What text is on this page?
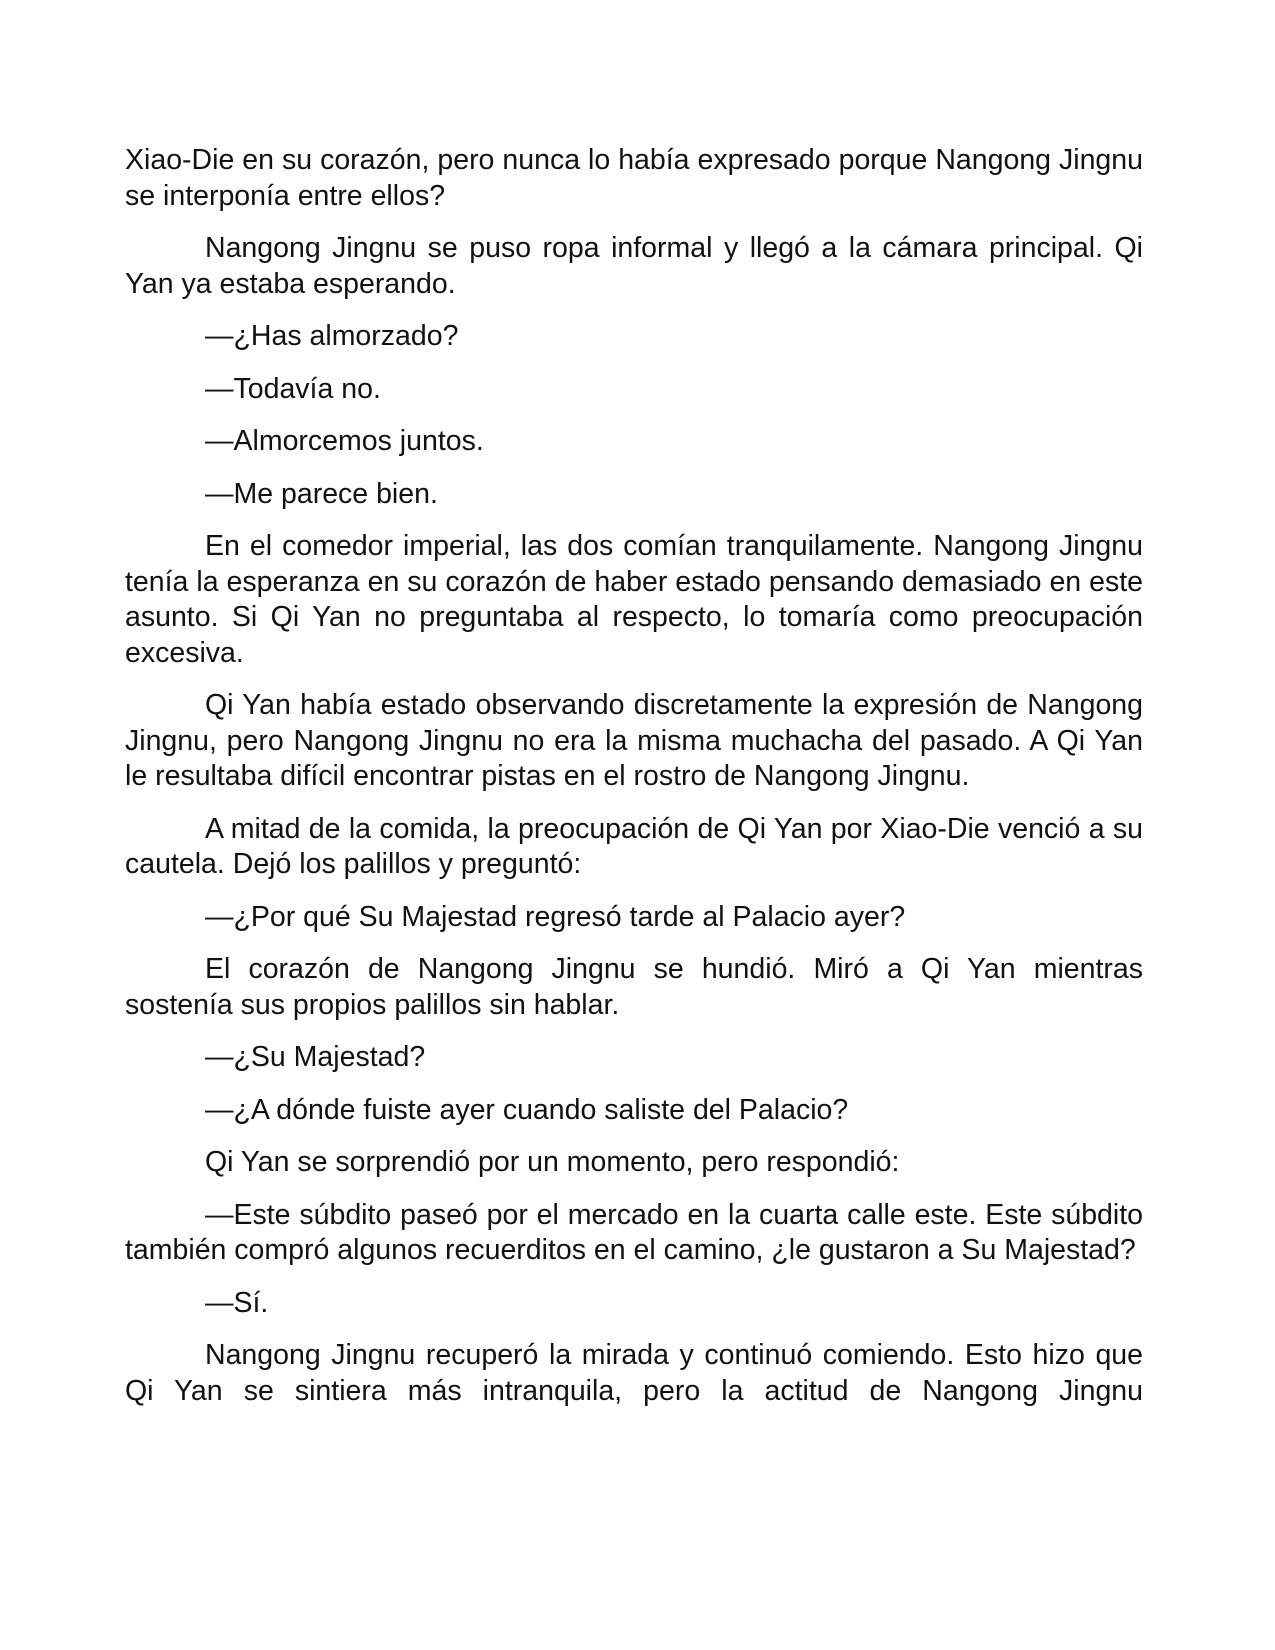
Xiao-Die en su corazón, pero nunca lo había expresado porque Nangong Jingnu se interponía entre ellos?

Nangong Jingnu se puso ropa informal y llegó a la cámara principal. Qi Yan ya estaba esperando.

—¿Has almorzado?

—Todavía no.

—Almorcemos juntos.

—Me parece bien.

En el comedor imperial, las dos comían tranquilamente. Nangong Jingnu tenía la esperanza en su corazón de haber estado pensando demasiado en este asunto. Si Qi Yan no preguntaba al respecto, lo tomaría como preocupación excesiva.

Qi Yan había estado observando discretamente la expresión de Nangong Jingnu, pero Nangong Jingnu no era la misma muchacha del pasado. A Qi Yan le resultaba difícil encontrar pistas en el rostro de Nangong Jingnu.

A mitad de la comida, la preocupación de Qi Yan por Xiao-Die venció a su cautela. Dejó los palillos y preguntó:

—¿Por qué Su Majestad regresó tarde al Palacio ayer?

El corazón de Nangong Jingnu se hundió. Miró a Qi Yan mientras sostenía sus propios palillos sin hablar.

—¿Su Majestad?

—¿A dónde fuiste ayer cuando saliste del Palacio?

Qi Yan se sorprendió por un momento, pero respondió:

—Este súbdito paseó por el mercado en la cuarta calle este. Este súbdito también compró algunos recuerditos en el camino, ¿le gustaron a Su Majestad?

—Sí.

Nangong Jingnu recuperó la mirada y continuó comiendo. Esto hizo que Qi Yan se sintiera más intranquila, pero la actitud de Nangong Jingnu
